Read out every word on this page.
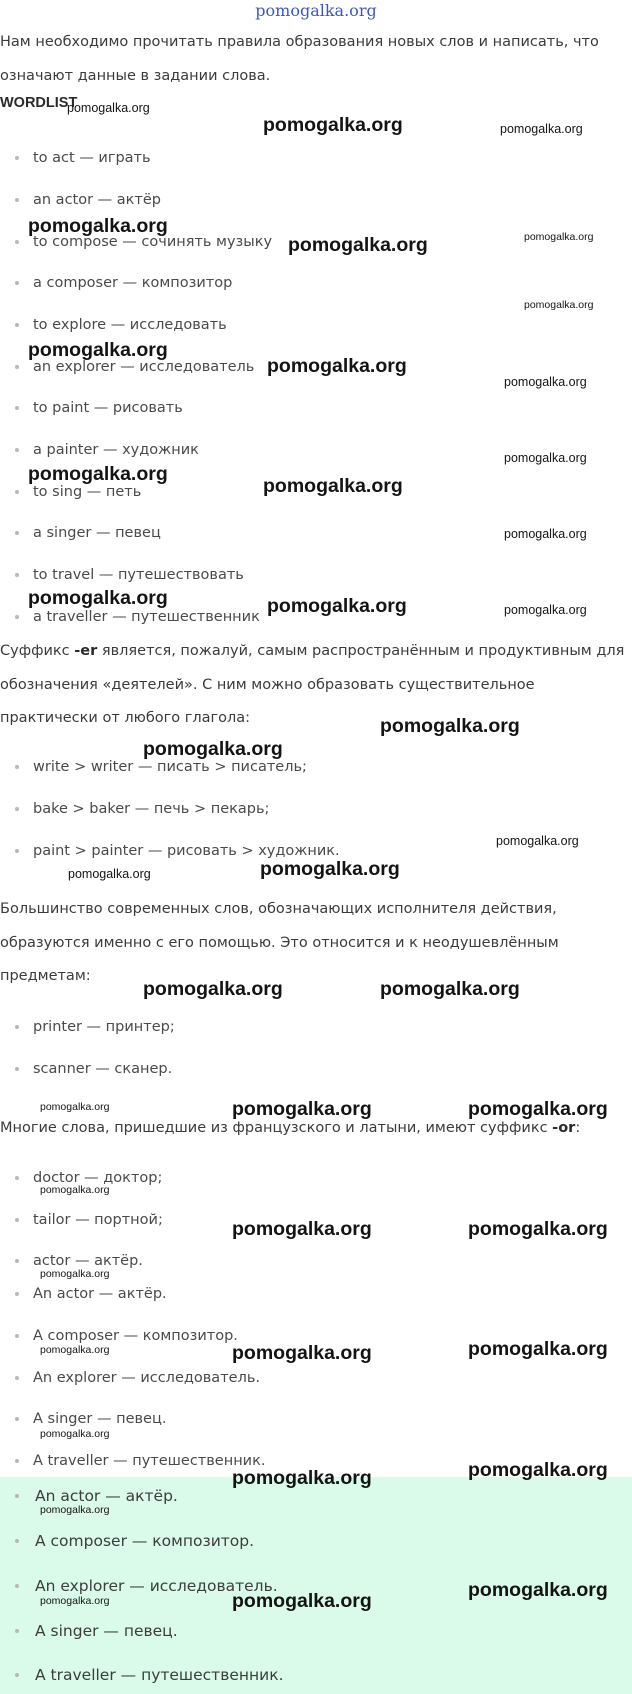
pomogalka.org
Нам необходимо прочитать правила образования новых слов и написать, что означают данные в задании слова.
WORDLIST
to act — играть
an actor — актёр
to compose — сочинять музыку
a composer — композитор
to explore — исследовать
an explorer — исследователь
to paint — рисовать
a painter — художник
to sing — петь
a singer — певец
to travel — путешествовать
a traveller — путешественник
Суффикс -er является, пожалуй, самым распространённым и продуктивным для обозначения «деятелей». С ним можно образовать существительное практически от любого глагола:
write > writer — писать > писатель;
bake > baker — печь > пекарь;
paint > painter — рисовать > художник.
Большинство современных слов, обозначающих исполнителя действия, образуются именно с его помощью. Это относится и к неодушевлённым предметам:
printer — принтер;
scanner — сканер.
Многие слова, пришедшие из французского и латыни, имеют суффикс -or:
doctor — доктор;
tailor — портной;
actor — актёр.
An actor — актёр.
A composer — композитор.
An explorer — исследователь.
A singer — певец.
A traveller — путешественник.
An actor — актёр.
A composer — композитор.
An explorer — исследователь.
A singer — певец.
A traveller — путешественник.
pomogalka.org
pomogalka.org	pomogalka.org
pomogalka.org
pomogalka.org	pomogalka.org
pomogalka.org
pomogalka.org
pomogalka.org
pomogalka.org
pomogalka.org
pomogalka.org
pomogalka.org
pomogalka.org
pomogalka.org	pomogalka.org	pomogalka.org
pomogalka.org
pomogalka.org
pomogalka.org
pomogalka.org	pomogalka.org
pomogalka.org	pomogalka.org
pomogalka.org	pomogalka.org	pomogalka.org
pomogalka.org
pomogalka.org	pomogalka.org
pomogalka.org
pomogalka.org	pomogalka.org	pomogalka.org
pomogalka.org
pomogalka.org	pomogalka.org
pomogalka.org
pomogalka.org	pomogalka.org	pomogalka.org
